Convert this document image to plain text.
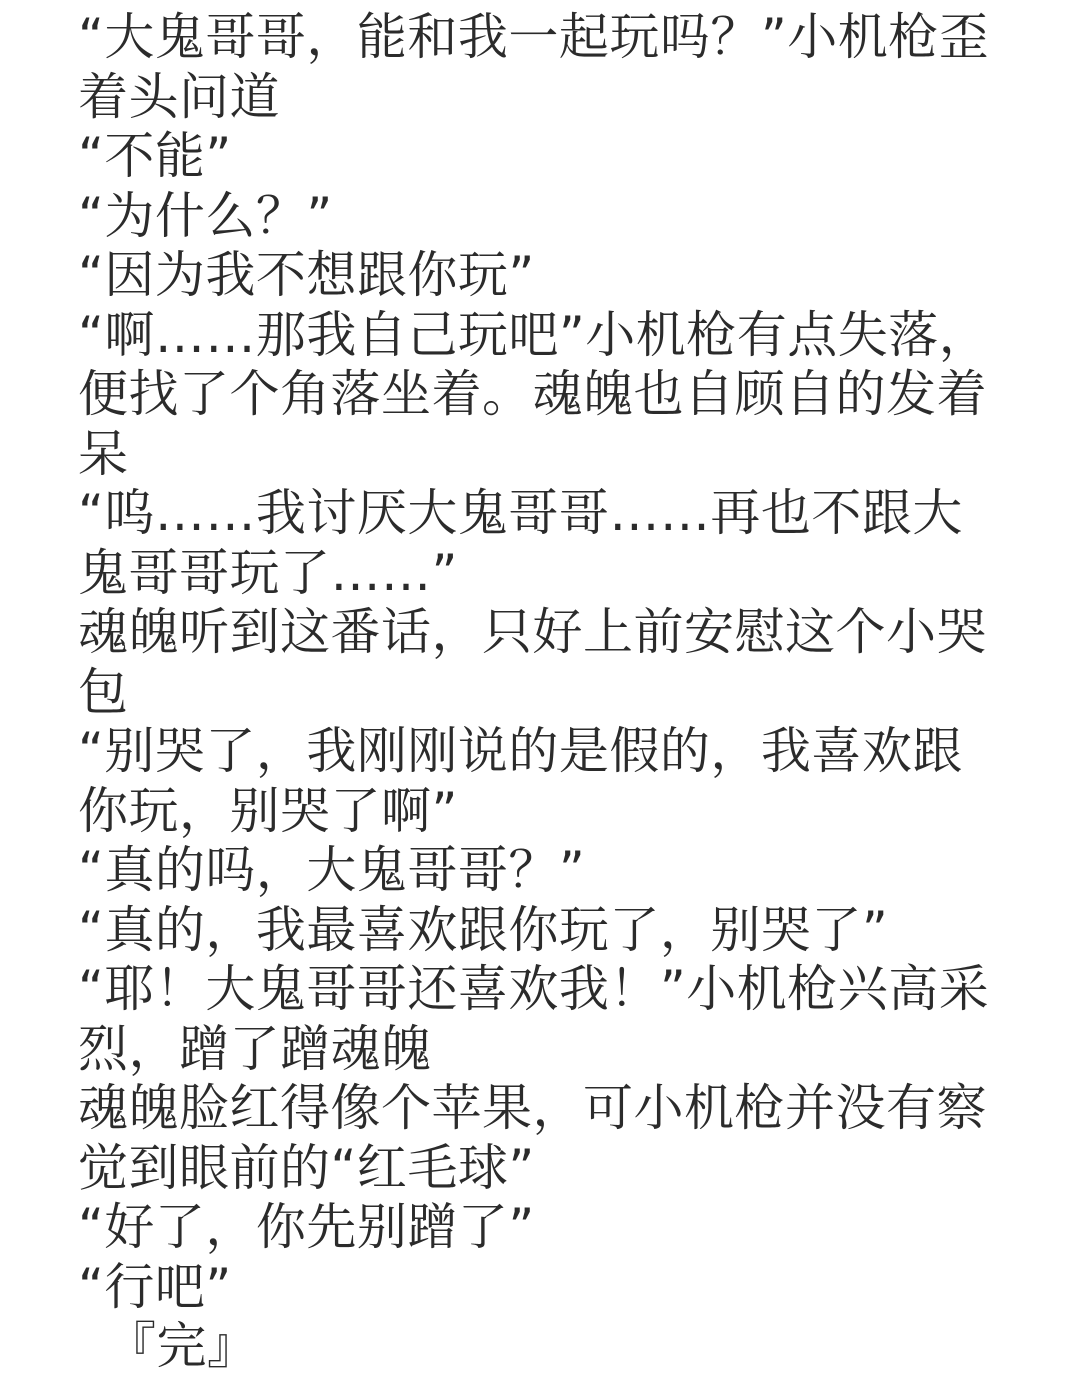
“大鬼哥哥，能和我一起玩吗？”小机枪歪着头问道

“不能”

“为什么？”

“因为我不想跟你玩”

“啊……那我自己玩吧”小机枪有点失落，便找了个角落坐着。魂魄也自顾自的发着呆

“呜……我讨厌大鬼哥哥……再也不跟大鬼哥哥玩了……”

魂魄听到这番话，只好上前安慰这个小哭包

“别哭了，我刚刚说的是假的，我喜欢跟你玩，别哭了啊”

“真的吗，大鬼哥哥？”

“真的，我最喜欢跟你玩了，别哭了”

“耶！大鬼哥哥还喜欢我！”小机枪兴高采烈，蹭了蹭魂魄

魂魄脸红得像个苹果，可小机枪并没有察觉到眼前的“红毛球”

“好了，你先别蹭了”

“行吧”

『完』
